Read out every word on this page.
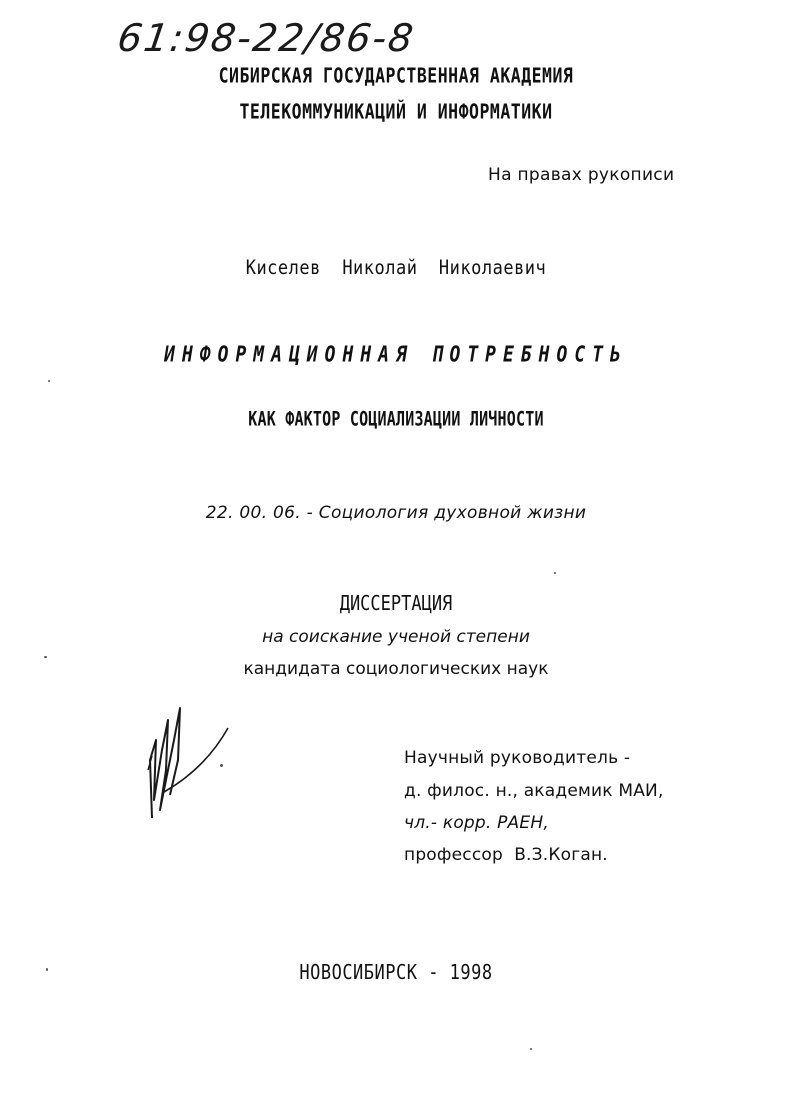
61:98-22/86-8
СИБИРСКАЯ ГОСУДАРСТВЕННАЯ АКАДЕМИЯ
ТЕЛЕКОММУНИКАЦИЙ И ИНФОРМАТИКИ
На правах рукописи
Киселев  Николай  Николаевич
ИНФОРМАЦИОННАЯ ПОТРЕБНОСТЬ
КАК ФАКТОР СОЦИАЛИЗАЦИИ ЛИЧНОСТИ
22. 00. 06. - Социология духовной жизни
ДИССЕРТАЦИЯ
на соискание ученой степени
кандидата социологических наук
Научный руководитель -
д. филос. н., академик МАИ,
чл.- корр. РАЕН,
профессор  В.З.Коган.
НОВОСИБИРСК - 1998
